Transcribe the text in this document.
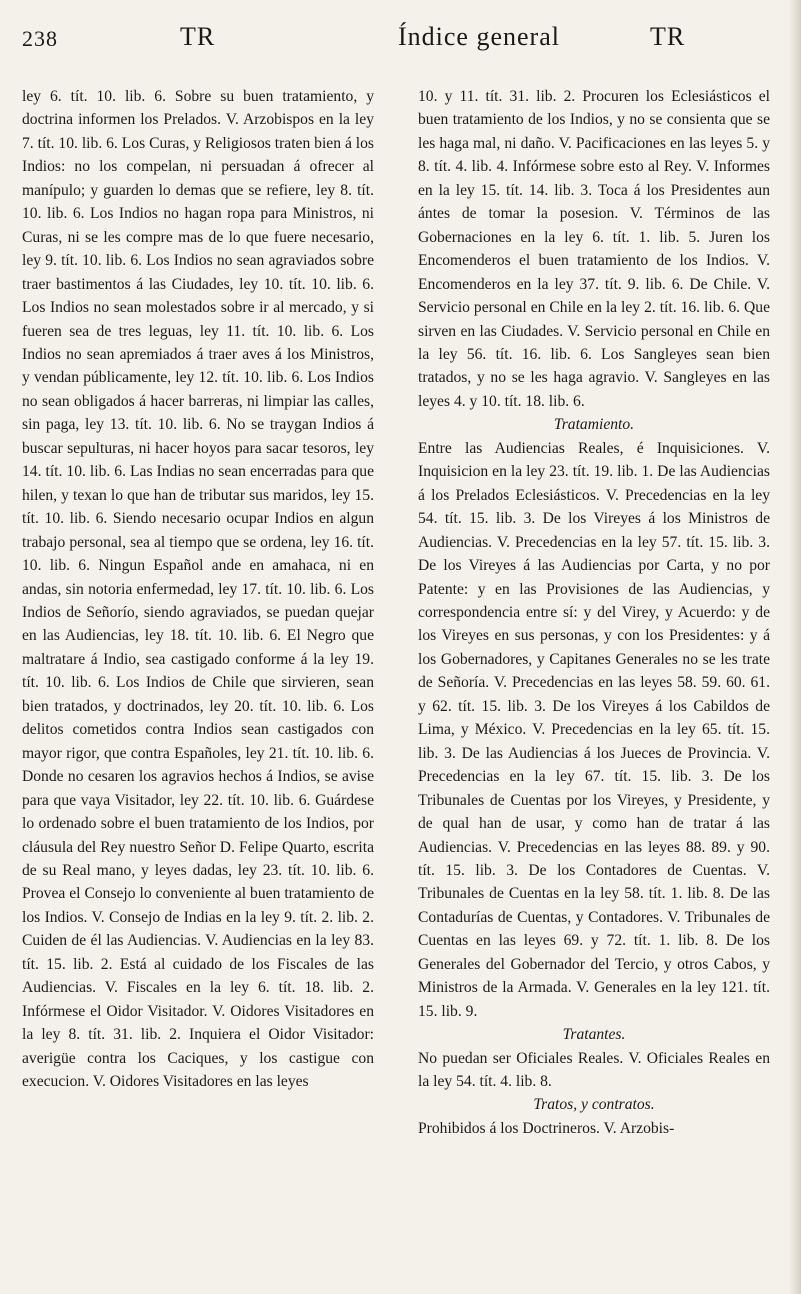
238	TR	Índice general	TR

ley 6. tít. 10. lib. 6. Sobre su buen tratamiento, y doctrina informen los Prelados. V. Arzobispos en la ley 7. tít. 10. lib. 6. Los Curas, y Religiosos traten bien á los Indios: no los compelan, ni persuadan á ofrecer al manípulo; y guarden lo demas que se refiere, ley 8. tít. 10. lib. 6. Los Indios no hagan ropa para Ministros, ni Curas, ni se les compre mas de lo que fuere necesario, ley 9. tít. 10. lib. 6. Los Indios no sean agraviados sobre traer bastimentos á las Ciudades, ley 10. tít. 10. lib. 6. Los Indios no sean molestados sobre ir al mercado, y si fueren sea de tres leguas, ley 11. tít. 10. lib. 6. Los Indios no sean apremiados á traer aves á los Ministros, y vendan públicamente, ley 12. tít. 10. lib. 6. Los Indios no sean obligados á hacer barreras, ni limpiar las calles, sin paga, ley 13. tít. 10. lib. 6. No se traygan Indios á buscar sepulturas, ni hacer hoyos para sacar tesoros, ley 14. tít. 10. lib. 6. Las Indias no sean encerradas para que hilen, y texan lo que han de tributar sus maridos, ley 15. tít. 10. lib. 6. Siendo necesario ocupar Indios en algun trabajo personal, sea al tiempo que se ordena, ley 16. tít. 10. lib. 6. Ningun Español ande en amahaca, ni en andas, sin notoria enfermedad, ley 17. tít. 10. lib. 6. Los Indios de Señorío, siendo agraviados, se puedan quejar en las Audiencias, ley 18. tít. 10. lib. 6. El Negro que maltratare á Indio, sea castigado conforme á la ley 19. tít. 10. lib. 6. Los Indios de Chile que sirvieren, sean bien tratados, y doctrinados, ley 20. tít. 10. lib. 6. Los delitos cometidos contra Indios sean castigados con mayor rigor, que contra Españoles, ley 21. tít. 10. lib. 6. Donde no cesaren los agravios hechos á Indios, se avise para que vaya Visitador, ley 22. tít. 10. lib. 6. Guárdese lo ordenado sobre el buen tratamiento de los Indios, por cláusula del Rey nuestro Señor D. Felipe Quarto, escrita de su Real mano, y leyes dadas, ley 23. tít. 10. lib. 6. Provea el Consejo lo conveniente al buen tratamiento de los Indios. V. Consejo de Indias en la ley 9. tít. 2. lib. 2. Cuiden de él las Audiencias. V. Audiencias en la ley 83. tít. 15. lib. 2. Está al cuidado de los Fiscales de las Audiencias. V. Fiscales en la ley 6. tít. 18. lib. 2. Infórmese el Oidor Visitador. V. Oidores Visitadores en la ley 8. tít. 31. lib. 2. Inquiera el Oidor Visitador: averigüe contra los Caciques, y los castigue con execucion. V. Oidores Visitadores en las leyes

10. y 11. tít. 31. lib. 2. Procuren los Eclesiásticos el buen tratamiento de los Indios, y no se consienta que se les haga mal, ni daño. V. Pacificaciones en las leyes 5. y 8. tít. 4. lib. 4. Infórmese sobre esto al Rey. V. Informes en la ley 15. tít. 14. lib. 3. Toca á los Presidentes aun ántes de tomar la posesion. V. Términos de las Gobernaciones en la ley 6. tít. 1. lib. 5. Juren los Encomenderos el buen tratamiento de los Indios. V. Encomenderos en la ley 37. tít. 9. lib. 6. De Chile. V. Servicio personal en Chile en la ley 2. tít. 16. lib. 6. Que sirven en las Ciudades. V. Servicio personal en Chile en la ley 56. tít. 16. lib. 6. Los Sangleyes sean bien tratados, y no se les haga agravio. V. Sangleyes en las leyes 4. y 10. tít. 18. lib. 6.

Tratamiento.

Entre las Audiencias Reales, é Inquisiciones. V. Inquisicion en la ley 23. tít. 19. lib. 1. De las Audiencias á los Prelados Eclesiásticos. V. Precedencias en la ley 54. tít. 15. lib. 3. De los Vireyes á los Ministros de Audiencias. V. Precedencias en la ley 57. tít. 15. lib. 3. De los Vireyes á las Audiencias por Carta, y no por Patente: y en las Provisiones de las Audiencias, y correspondencia entre sí: y del Virey, y Acuerdo: y de los Vireyes en sus personas, y con los Presidentes: y á los Gobernadores, y Capitanes Generales no se les trate de Señoría. V. Precedencias en las leyes 58. 59. 60. 61. y 62. tít. 15. lib. 3. De los Vireyes á los Cabildos de Lima, y México. V. Precedencias en la ley 65. tít. 15. lib. 3. De las Audiencias á los Jueces de Provincia. V. Precedencias en la ley 67. tít. 15. lib. 3. De los Tribunales de Cuentas por los Vireyes, y Presidente, y de qual han de usar, y como han de tratar á las Audiencias. V. Precedencias en las leyes 88. 89. y 90. tít. 15. lib. 3. De los Contadores de Cuentas. V. Tribunales de Cuentas en la ley 58. tít. 1. lib. 8. De las Contadurías de Cuentas, y Contadores. V. Tribunales de Cuentas en las leyes 69. y 72. tít. 1. lib. 8. De los Generales del Gobernador del Tercio, y otros Cabos, y Ministros de la Armada. V. Generales en la ley 121. tít. 15. lib. 9.

Tratantes.

No puedan ser Oficiales Reales. V. Oficiales Reales en la ley 54. tít. 4. lib. 8.

Tratos, y contratos.

Prohibidos á los Doctrineros. V. Arzobis-
